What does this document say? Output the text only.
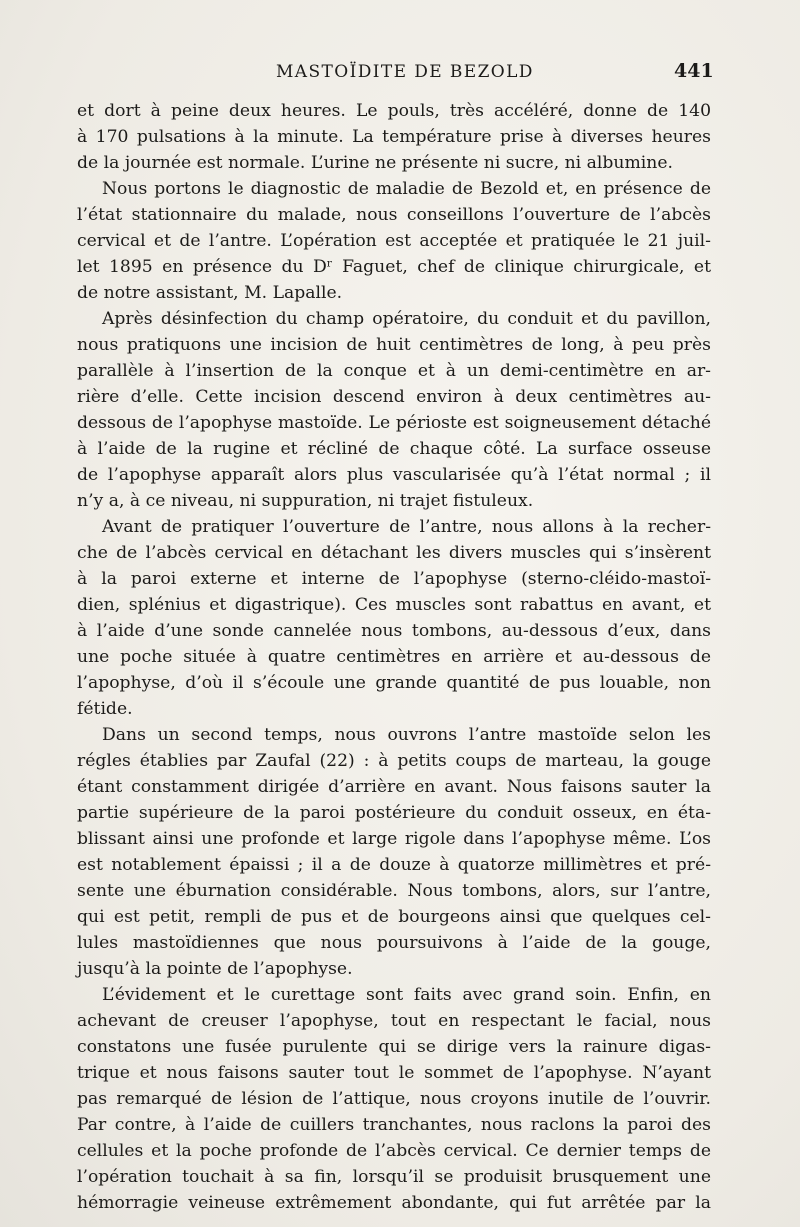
MASTOÏDITE DE BEZOLD	441
et dort à peine deux heures. Le pouls, très accéléré, donne de 140
à 170 pulsations à la minute. La température prise à diverses heures
de la journée est normale. L’urine ne présente ni sucre, ni albumine.
Nous portons le diagnostic de maladie de Bezold et, en présence de
l’état stationnaire du malade, nous conseillons l’ouverture de l’abcès
cervical et de l’antre. L’opération est acceptée et pratiquée le 21 juil-
let 1895 en présence du Dʳ Faguet, chef de clinique chirurgicale, et
de notre assistant, M. Lapalle.
Après désinfection du champ opératoire, du conduit et du pavillon,
nous pratiquons une incision de huit centimètres de long, à peu près
parallèle à l’insertion de la conque et à un demi-centimètre en ar-
rière d’elle. Cette incision descend environ à deux centimètres au-
dessous de l’apophyse mastoïde. Le périoste est soigneusement détaché
à l’aide de la rugine et récliné de chaque côté. La surface osseuse
de l’apophyse apparaît alors plus vascularisée qu’à l’état normal ; il
n’y a, à ce niveau, ni suppuration, ni trajet fistuleux.
Avant de pratiquer l’ouverture de l’antre, nous allons à la recher-
che de l’abcès cervical en détachant les divers muscles qui s’insèrent
à la paroi externe et interne de l’apophyse (sterno-cléido-mastoï-
dien, splénius et digastrique). Ces muscles sont rabattus en avant, et
à l’aide d’une sonde cannelée nous tombons, au-dessous d’eux, dans
une poche située à quatre centimètres en arrière et au-dessous de
l’apophyse, d’où il s’écoule une grande quantité de pus louable, non
fétide.
Dans un second temps, nous ouvrons l’antre mastoïde selon les
régles établies par Zaufal (22) : à petits coups de marteau, la gouge
étant constamment dirigée d’arrière en avant. Nous faisons sauter la
partie supérieure de la paroi postérieure du conduit osseux, en éta-
blissant ainsi une profonde et large rigole dans l’apophyse même. L’os
est notablement épaissi ; il a de douze à quatorze millimètres et pré-
sente une éburnation considérable. Nous tombons, alors, sur l’antre,
qui est petit, rempli de pus et de bourgeons ainsi que quelques cel-
lules mastoïdiennes que nous poursuivons à l’aide de la gouge,
jusqu’à la pointe de l’apophyse.
L’évidement et le curettage sont faits avec grand soin. Enfin, en
achevant de creuser l’apophyse, tout en respectant le facial, nous
constatons une fusée purulente qui se dirige vers la rainure digas-
trique et nous faisons sauter tout le sommet de l’apophyse. N’ayant
pas remarqué de lésion de l’attique, nous croyons inutile de l’ouvrir.
Par contre, à l’aide de cuillers tranchantes, nous raclons la paroi des
cellules et la poche profonde de l’abcès cervical. Ce dernier temps de
l’opération touchait à sa fin, lorsqu’il se produisit brusquement une
hémorragie veineuse extrêmement abondante, qui fut arrêtée par la
